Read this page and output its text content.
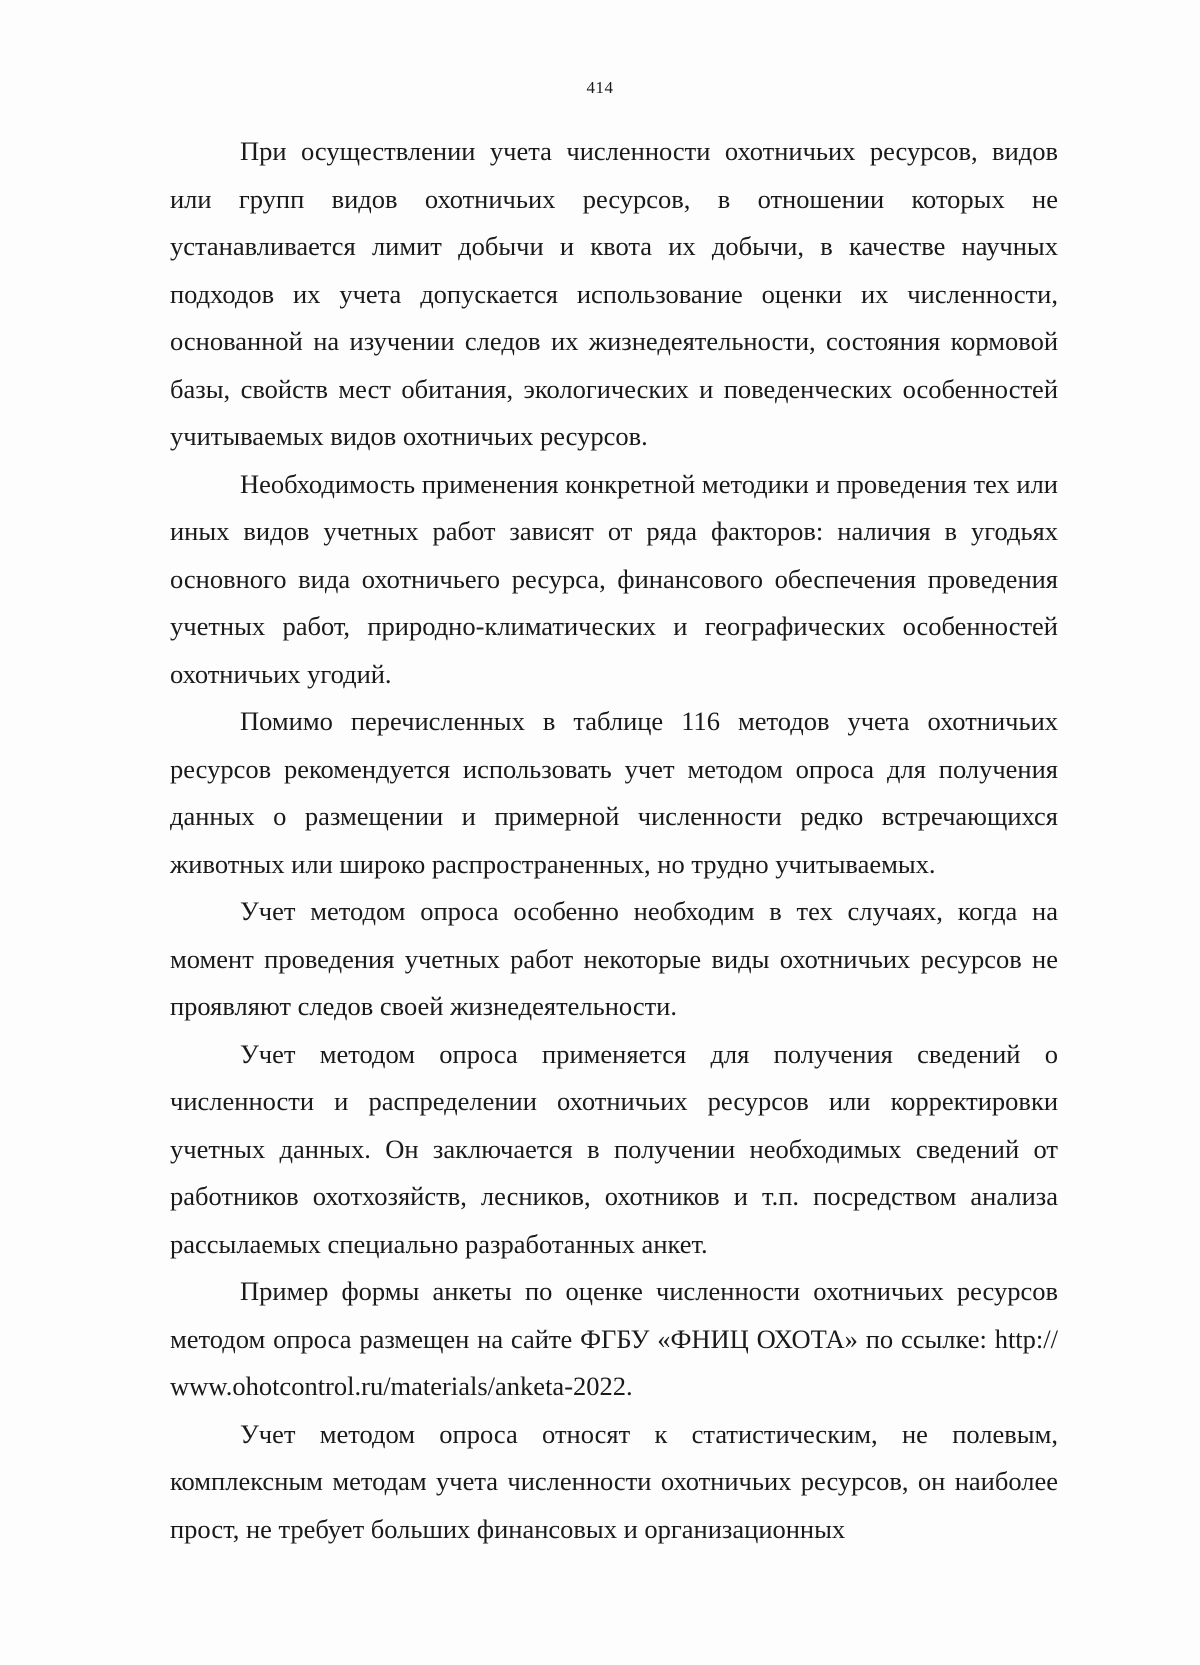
414

При осуществлении учета численности охотничьих ресурсов, видов или групп видов охотничьих ресурсов, в отношении которых не устанавливается лимит добычи и квота их добычи, в качестве научных подходов их учета допускается использование оценки их численности, основанной на изучении следов их жизнедеятельности, состояния кормовой базы, свойств мест обитания, экологических и поведенческих особенностей учитываемых видов охотничьих ресурсов.

Необходимость применения конкретной методики и проведения тех или иных видов учетных работ зависят от ряда факторов: наличия в угодьях основного вида охотничьего ресурса, финансового обеспечения проведения учетных работ, природно-климатических и географических особенностей охотничьих угодий.

Помимо перечисленных в таблице 116 методов учета охотничьих ресурсов рекомендуется использовать учет методом опроса для получения данных о размещении и примерной численности редко встречающихся животных или широко распространенных, но трудно учитываемых.

Учет методом опроса особенно необходим в тех случаях, когда на момент проведения учетных работ некоторые виды охотничьих ресурсов не проявляют следов своей жизнедеятельности.

Учет методом опроса применяется для получения сведений о численности и распределении охотничьих ресурсов или корректировки учетных данных. Он заключается в получении необходимых сведений от работников охотхозяйств, лесников, охотников и т.п. посредством анализа рассылаемых специально разработанных анкет.

Пример формы анкеты по оценке численности охотничьих ресурсов методом опроса размещен на сайте ФГБУ «ФНИЦ ОХОТА» по ссылке: http://www.ohotcontrol.ru/materials/anketa-2022.

Учет методом опроса относят к статистическим, не полевым, комплексным методам учета численности охотничьих ресурсов, он наиболее прост, не требует больших финансовых и организационных
